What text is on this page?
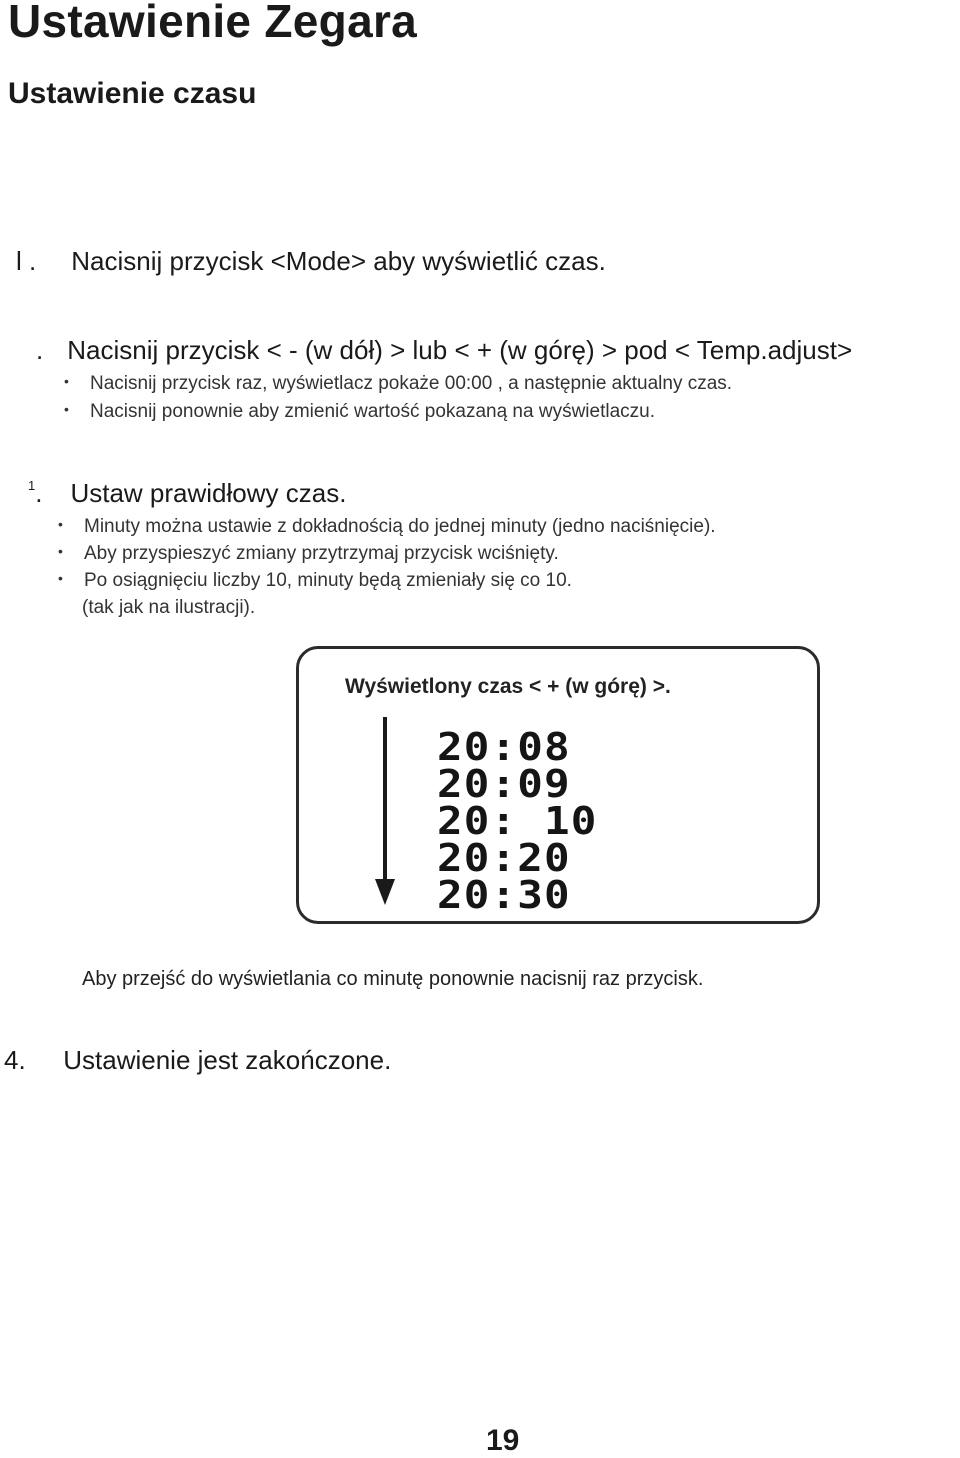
Ustawienie Zegara
Ustawienie czasu
l . Nacisnij przycisk <Mode> aby wyświetlić czas.
. Nacisnij przycisk < - (w dół) > lub < + (w górę) > pod < Temp.adjust>
• Nacisnij przycisk raz, wyświetlacz pokaże 00:00 , a następnie aktualny czas.
• Nacisnij ponownie aby zmienić wartość pokazaną na wyświetlaczu.
$^1$. Ustaw prawidłowy czas.
• Minuty można ustawie z dokładnością do jednej minuty (jedno naciśnięcie).
• Aby przyspieszyć zmiany przytrzymaj przycisk wciśnięty.
• Po osiągnięciu liczby 10, minuty będą zmieniały się co 10.
(tak jak na ilustracji).
Wyświetlony czas < + (w górę) >.
20:08
20:09
20: 10
20:20
20:30
Aby przejść do wyświetlania co minutę ponownie nacisnij raz przycisk.
4. Ustawienie jest zakończone.
19
